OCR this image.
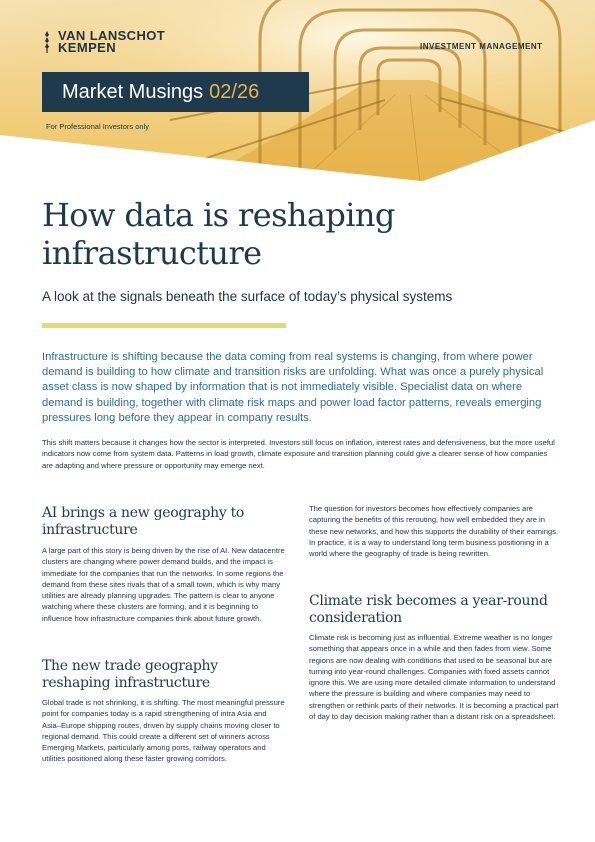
VAN LANSCHOT
KEMPEN	INVESTMENT MANAGEMENT
Market Musings 02/26
For Professional Investors only
How data is reshaping infrastructure

A look at the signals beneath the surface of today’s physical systems

Infrastructure is shifting because the data coming from real systems is changing, from where power demand is building to how climate and transition risks are unfolding. What was once a purely physical asset class is now shaped by information that is not immediately visible. Specialist data on where demand is building, together with climate risk maps and power load factor patterns, reveals emerging pressures long before they appear in company results.

This shift matters because it changes how the sector is interpreted. Investors still focus on inflation, interest rates and defensiveness, but the more useful indicators now come from system data. Patterns in load growth, climate exposure and transition planning could give a clearer sense of how companies are adapting and where pressure or opportunity may emerge next.

AI brings a new geography to infrastructure

A large part of this story is being driven by the rise of AI. New datacentre clusters are changing where power demand builds, and the impact is immediate for the companies that run the networks. In some regions the demand from these sites rivals that of a small town, which is why many utilities are already planning upgrades. The pattern is clear to anyone watching where these clusters are forming, and it is beginning to influence how infrastructure companies think about future growth.

The new trade geography reshaping infrastructure

Global trade is not shrinking, it is shifting. The most meaningful pressure point for companies today is a rapid strengthening of intra Asia and Asia–Europe shipping routes, driven by supply chains moving closer to regional demand. This could create a different set of winners across Emerging Markets, particularly among ports, railway operators and utilities positioned along these faster growing corridors.

The question for investors becomes how effectively companies are capturing the benefits of this rerouting, how well embedded they are in these new networks, and how this supports the durability of their earnings. In practice, it is a way to understand long term business positioning in a world where the geography of trade is being rewritten.

Climate risk becomes a year-round consideration

Climate risk is becoming just as influential. Extreme weather is no longer something that appears once in a while and then fades from view. Some regions are now dealing with conditions that used to be seasonal but are turning into year-round challenges. Companies with fixed assets cannot ignore this. We are using more detailed climate information to understand where the pressure is building and where companies may need to strengthen or rethink parts of their networks. It is becoming a practical part of day to day decision making rather than a distant risk on a spreadsheet.
